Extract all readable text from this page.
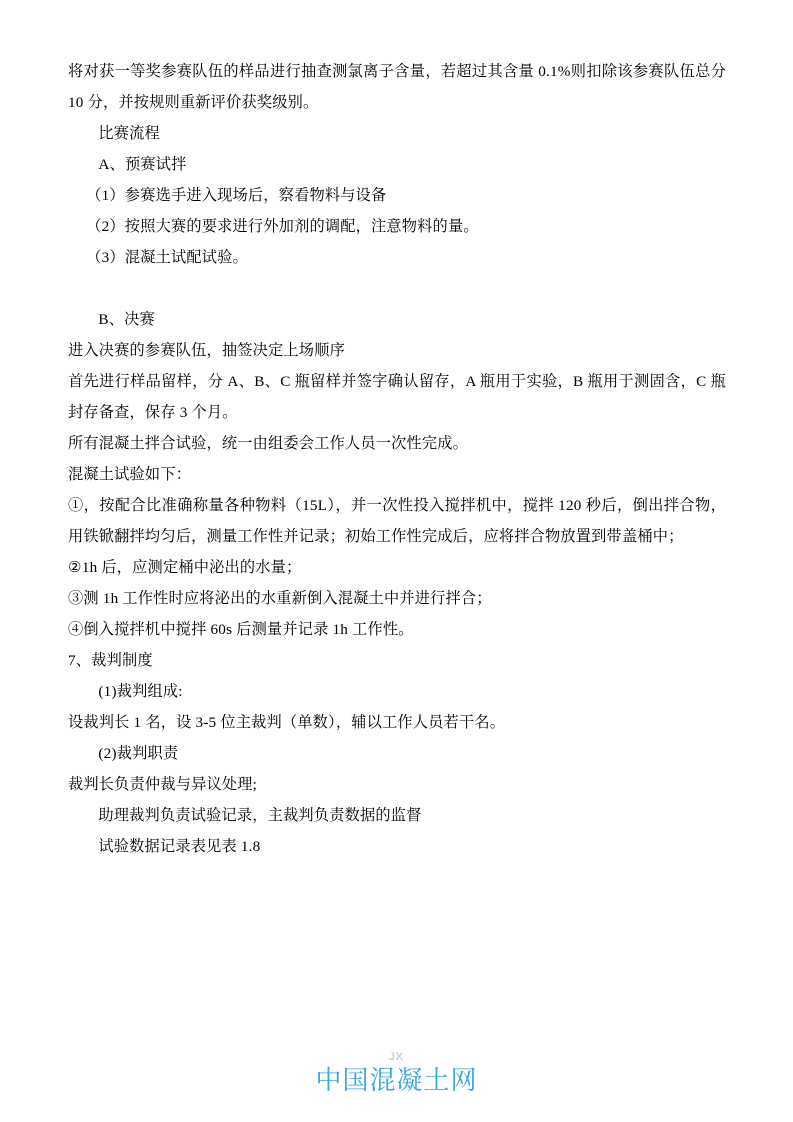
将对获一等奖参赛队伍的样品进行抽查测氯离子含量，若超过其含量 0.1%则扣除该参赛队伍总分 10 分，并按规则重新评价获奖级别。

比赛流程

A、预赛试拌

（1）参赛选手进入现场后，察看物料与设备

（2）按照大赛的要求进行外加剂的调配，注意物料的量。

（3）混凝土试配试验。

B、决赛

进入决赛的参赛队伍，抽签决定上场顺序

首先进行样品留样，分 A、B、C 瓶留样并签字确认留存，A 瓶用于实验，B 瓶用于测固含，C 瓶封存备查，保存 3 个月。

所有混凝土拌合试验，统一由组委会工作人员一次性完成。

混凝土试验如下：

①，按配合比准确称量各种物料（15L），并一次性投入搅拌机中，搅拌 120 秒后，倒出拌合物，用铁锨翻拌均匀后，测量工作性并记录；初始工作性完成后，应将拌合物放置到带盖桶中；

②1h 后，应测定桶中泌出的水量；

③测 1h 工作性时应将泌出的水重新倒入混凝土中并进行拌合；

④倒入搅拌机中搅拌 60s 后测量并记录 1h 工作性。

7、裁判制度

(1)裁判组成:

设裁判长 1 名，设 3-5 位主裁判（单数），辅以工作人员若干名。

(2)裁判职责

裁判长负责仲裁与异议处理;

助理裁判负责试验记录，主裁判负责数据的监督

试验数据记录表见表 1.8

JX
中国混凝土网
